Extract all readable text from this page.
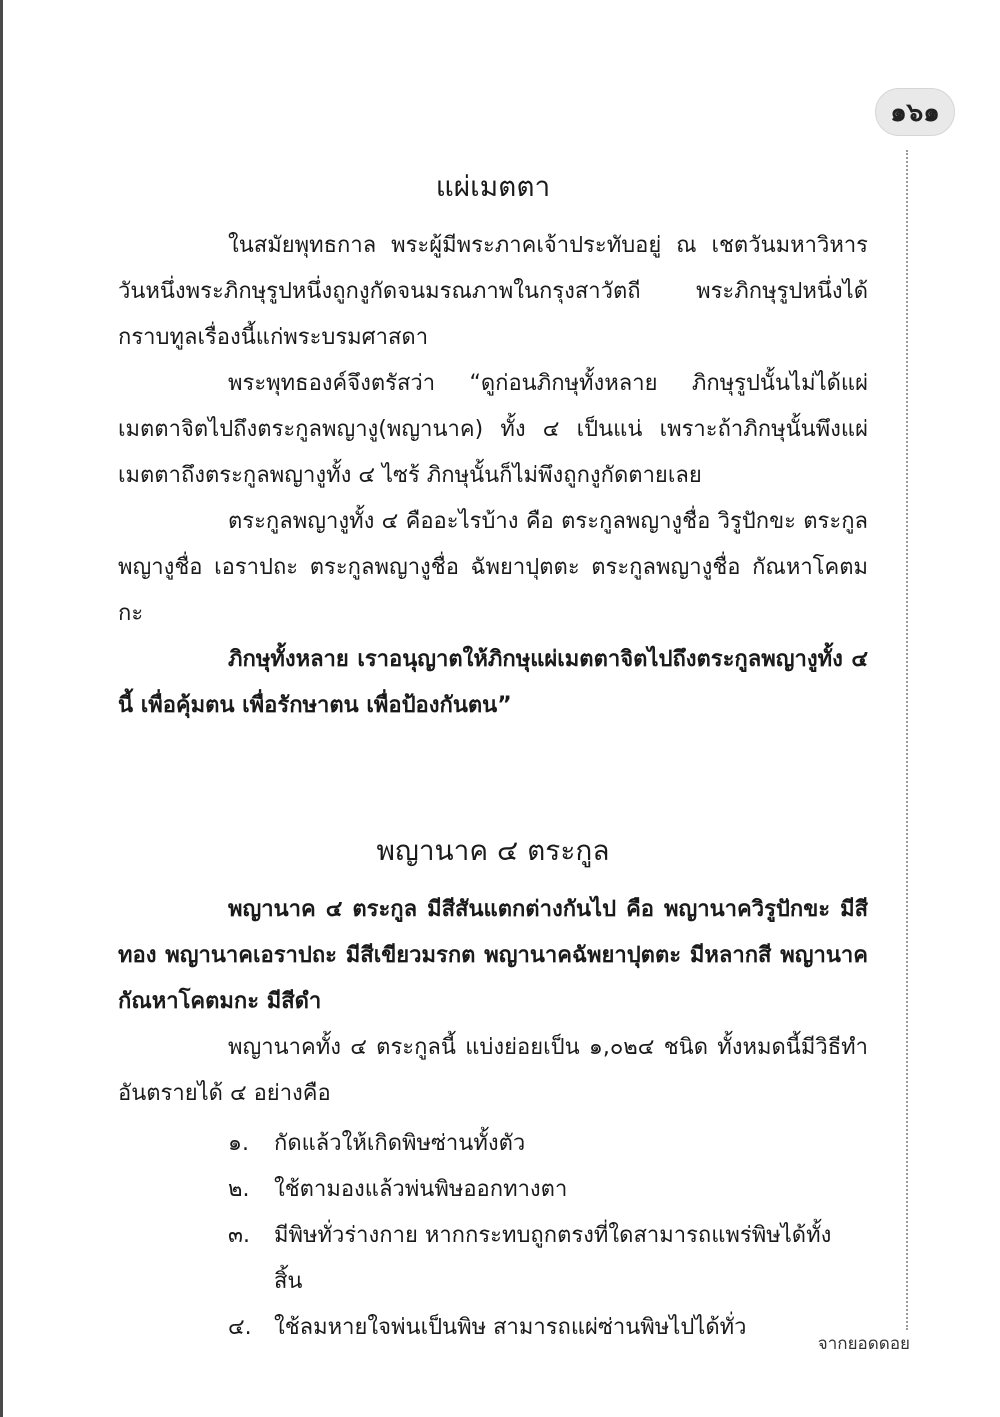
๑๖๑
แผ่เมตตา

ในสมัยพุทธกาล พระผู้มีพระภาคเจ้าประทับอยู่ ณ เชตวันมหาวิหาร วันหนึ่งพระภิกษุรูปหนึ่งถูกงูกัดจนมรณภาพในกรุงสาวัตถี พระภิกษุรูปหนึ่งได้กราบทูลเรื่องนี้แก่พระบรมศาสดา

พระพุทธองค์จึงตรัสว่า “ดูก่อนภิกษุทั้งหลาย ภิกษุรูปนั้นไม่ได้แผ่เมตตาจิตไปถึงตระกูลพญางู(พญานาค) ทั้ง ๔ เป็นแน่ เพราะถ้าภิกษุนั้นพึงแผ่เมตตาถึงตระกูลพญางูทั้ง ๔ ไซร้ ภิกษุนั้นก็ไม่พึงถูกงูกัดตายเลย

ตระกูลพญางูทั้ง ๔ คืออะไรบ้าง คือ ตระกูลพญางูชื่อ วิรูปักขะ ตระกูลพญางูชื่อ เอราปถะ ตระกูลพญางูชื่อ ฉัพยาปุตตะ ตระกูลพญางูชื่อ กัณหาโคตมกะ

ภิกษุทั้งหลาย เราอนุญาตให้ภิกษุแผ่เมตตาจิตไปถึงตระกูลพญางูทั้ง ๔ นี้ เพื่อคุ้มตน เพื่อรักษาตน เพื่อป้องกันตน”

พญานาค ๔ ตระกูล

พญานาค ๔ ตระกูล มีสีสันแตกต่างกันไป คือ พญานาควิรูปักขะ มีสีทอง พญานาคเอราปถะ มีสีเขียวมรกต พญานาคฉัพยาปุตตะ มีหลากสี พญานาคกัณหาโคตมกะ มีสีดำ

พญานาคทั้ง ๔ ตระกูลนี้ แบ่งย่อยเป็น ๑,๐๒๔ ชนิด ทั้งหมดนี้มีวิธีทำอันตรายได้ ๔ อย่างคือ

๑.	กัดแล้วให้เกิดพิษซ่านทั้งตัว
๒.	ใช้ตามองแล้วพ่นพิษออกทางตา
๓.	มีพิษทั่วร่างกาย หากกระทบถูกตรงที่ใดสามารถแพร่พิษได้ทั้งสิ้น
๔.	ใช้ลมหายใจพ่นเป็นพิษ สามารถแผ่ซ่านพิษไปได้ทั่ว
จากยอดดอย
